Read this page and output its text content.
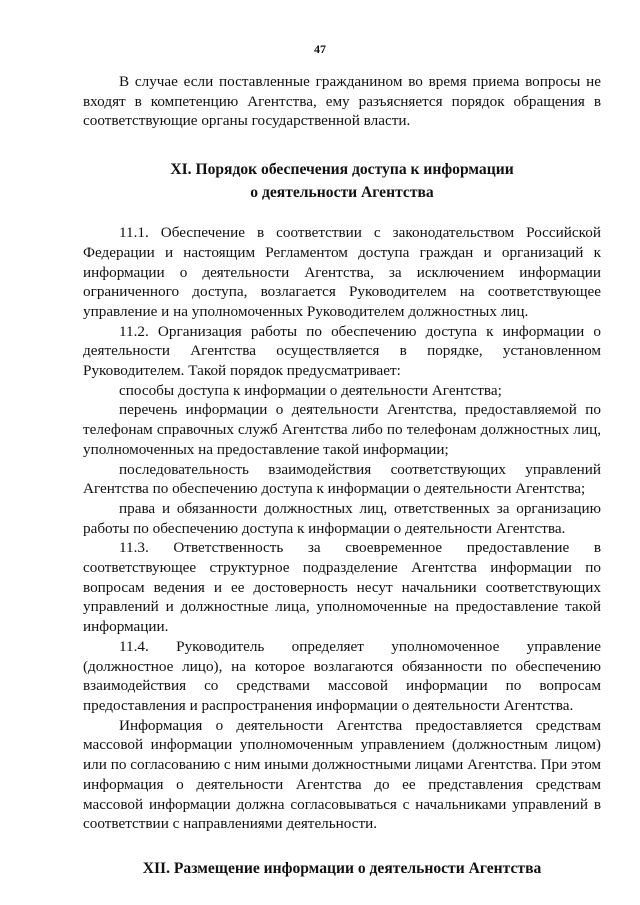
47

В случае если поставленные гражданином во время приема вопросы не входят в компетенцию Агентства, ему разъясняется порядок обращения в соответствующие органы государственной власти.

XI. Порядок обеспечения доступа к информации

о деятельности Агентства

11.1. Обеспечение в соответствии с законодательством Российской Федерации и настоящим Регламентом доступа граждан и организаций к информации о деятельности Агентства, за исключением информации ограниченного доступа, возлагается Руководителем на соответствующее управление и на уполномоченных Руководителем должностных лиц.

11.2. Организация работы по обеспечению доступа к информации о деятельности Агентства осуществляется в порядке, установленном Руководителем. Такой порядок предусматривает:

способы доступа к информации о деятельности Агентства;

перечень информации о деятельности Агентства, предоставляемой по телефонам справочных служб Агентства либо по телефонам должностных лиц, уполномоченных на предоставление такой информации;

последовательность взаимодействия соответствующих управлений Агентства по обеспечению доступа к информации о деятельности Агентства;

права и обязанности должностных лиц, ответственных за организацию работы по обеспечению доступа к информации о деятельности Агентства.

11.3. Ответственность за своевременное предоставление в соответствующее структурное подразделение Агентства информации по вопросам ведения и ее достоверность несут начальники соответствующих управлений и должностные лица, уполномоченные на предоставление такой информации.

11.4. Руководитель определяет уполномоченное управление (должностное лицо), на которое возлагаются обязанности по обеспечению взаимодействия со средствами массовой информации по вопросам предоставления и распространения информации о деятельности Агентства.

Информация о деятельности Агентства предоставляется средствам массовой информации уполномоченным управлением (должностным лицом) или по согласованию с ним иными должностными лицами Агентства. При этом информация о деятельности Агентства до ее представления средствам массовой информации должна согласовываться с начальниками управлений в соответствии с направлениями деятельности.

XII. Размещение информации о деятельности Агентства
